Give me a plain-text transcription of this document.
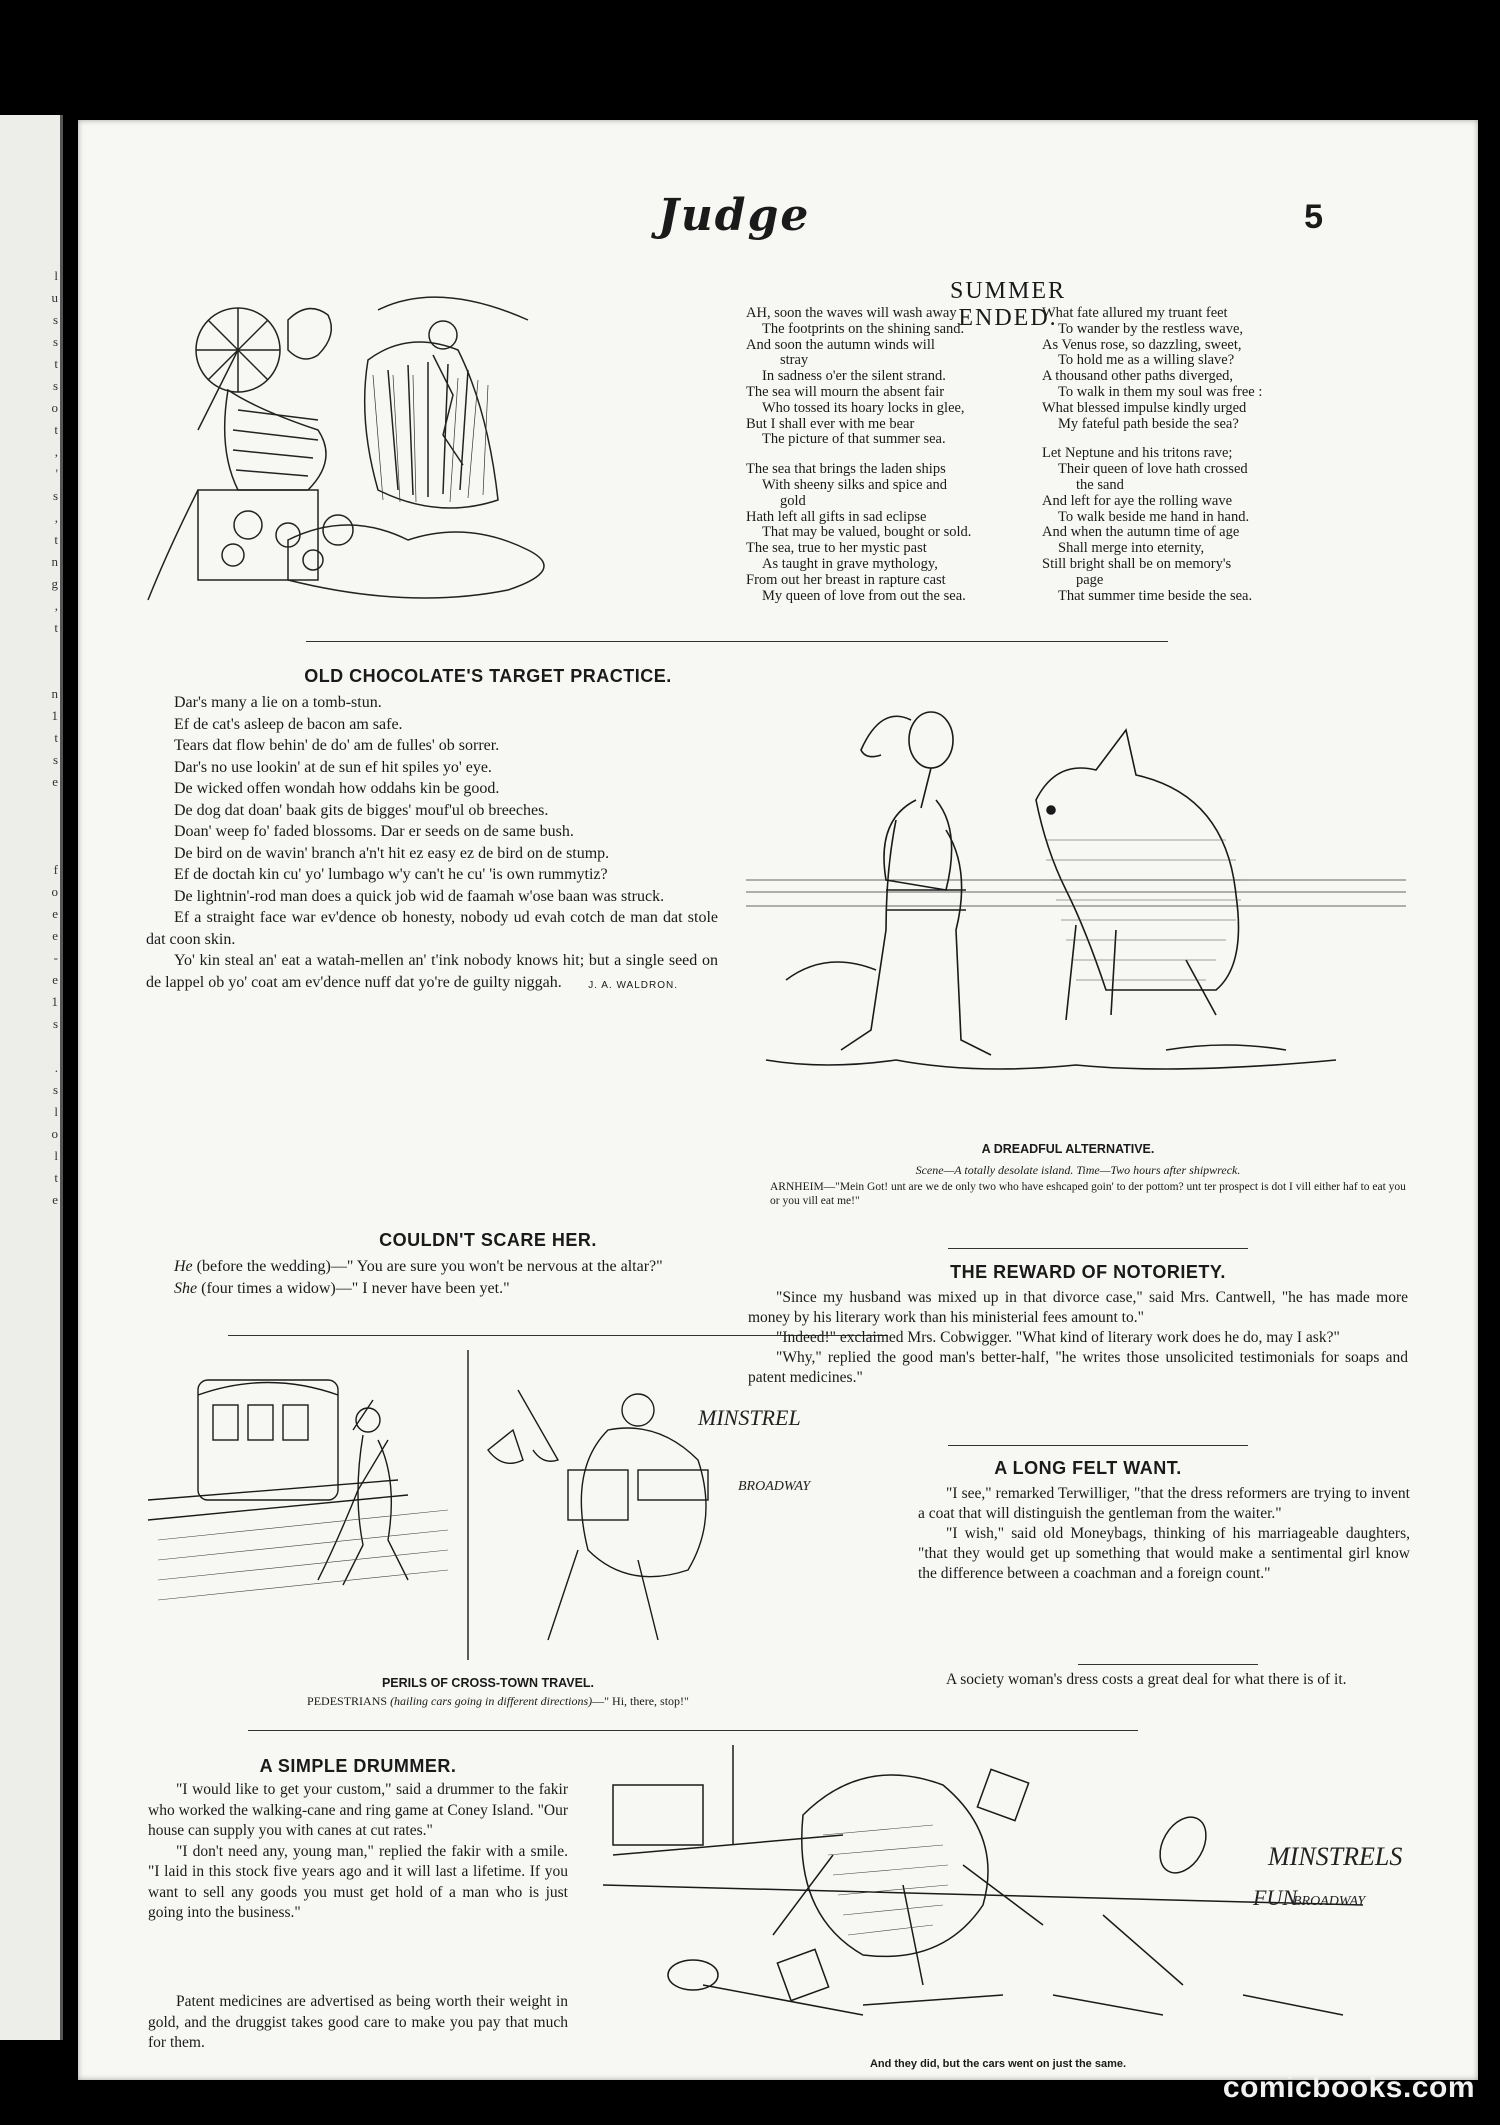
l
u
s
s
t
s
o
t
,
'
s
,
t
n
g
,
t

n
1
t
s
e

f
o
e
e
-
e
1
s

.
s
l
o
l
t
e
Judge	5
SUMMER ENDED.
AH, soon the waves will wash away
The footprints on the shining sand.
And soon the autumn winds will
stray
In sadness o'er the silent strand.
The sea will mourn the absent fair
Who tossed its hoary locks in glee,
But I shall ever with me bear
The picture of that summer sea.
The sea that brings the laden ships
With sheeny silks and spice and
gold
Hath left all gifts in sad eclipse
That may be valued, bought or sold.
The sea, true to her mystic past
As taught in grave mythology,
From out her breast in rapture cast
My queen of love from out the sea.
What fate allured my truant feet
To wander by the restless wave,
As Venus rose, so dazzling, sweet,
To hold me as a willing slave?
A thousand other paths diverged,
To walk in them my soul was free :
What blessed impulse kindly urged
My fateful path beside the sea?
Let Neptune and his tritons rave;
Their queen of love hath crossed
the sand
And left for aye the rolling wave
To walk beside me hand in hand.
And when the autumn time of age
Shall merge into eternity,
Still bright shall be on memory's
page
That summer time beside the sea.
OLD CHOCOLATE'S TARGET PRACTICE.

Dar's many a lie on a tomb-stun.

Ef de cat's asleep de bacon am safe.

Tears dat flow behin' de do' am de fulles' ob sorrer.

Dar's no use lookin' at de sun ef hit spiles yo' eye.

De wicked offen wondah how oddahs kin be good.

De dog dat doan' baak gits de bigges' mouf'ul ob breeches.

Doan' weep fo' faded blossoms. Dar er seeds on de same bush.

De bird on de wavin' branch a'n't hit ez easy ez de bird on de stump.

Ef de doctah kin cu' yo' lumbago w'y can't he cu' 'is own rummytiz?

De lightnin'-rod man does a quick job wid de faamah w'ose baan was struck.

Ef a straight face war ev'dence ob honesty, nobody ud evah cotch de man dat stole dat coon skin.

Yo' kin steal an' eat a watah-mellen an' t'ink nobody knows hit; but a single seed on de lappel ob yo' coat am ev'dence nuff dat yo're de guilty niggah.	J. A. WALDRON.
A DREADFUL ALTERNATIVE.
Scene—A totally desolate island. Time—Two hours after shipwreck.
ARNHEIM—"Mein Got! unt are we de only two who have eshcaped goin' to der pottom? unt ter prospect is dot I vill either haf to eat you or you vill eat me!"
COULDN'T SCARE HER.

He (before the wedding)—" You are sure you won't be nervous at the altar?"

She (four times a widow)—" I never have been yet."

THE REWARD OF NOTORIETY.

"Since my husband was mixed up in that divorce case," said Mrs. Cantwell, "he has made more money by his literary work than his ministerial fees amount to."

"Indeed!" exclaimed Mrs. Cobwigger. "What kind of literary work does he do, may I ask?"

"Why," replied the good man's better-half, "he writes those unsolicited testimonials for soaps and patent medicines."

MINSTREL
BROADWAY
PERILS OF CROSS-TOWN TRAVEL.
PEDESTRIANS (hailing cars going in different directions)—" Hi, there, stop!"
A LONG FELT WANT.

"I see," remarked Terwilliger, "that the dress reformers are trying to invent a coat that will distinguish the gentleman from the waiter."

"I wish," said old Moneybags, thinking of his marriageable daughters, "that they would get up something that would make a sentimental girl know the difference between a coachman and a foreign count."

A society woman's dress costs a great deal for what there is of it.

A SIMPLE DRUMMER.

"I would like to get your custom," said a drummer to the fakir who worked the walking-cane and ring game at Coney Island. "Our house can supply you with canes at cut rates."

"I don't need any, young man," replied the fakir with a smile. "I laid in this stock five years ago and it will last a lifetime. If you want to sell any goods you must get hold of a man who is just going into the business."

Patent medicines are advertised as being worth their weight in gold, and the druggist takes good care to make you pay that much for them.

MINSTRELS
FUN
BROADWAY
And they did, but the cars went on just the same.
comicbooks.com
